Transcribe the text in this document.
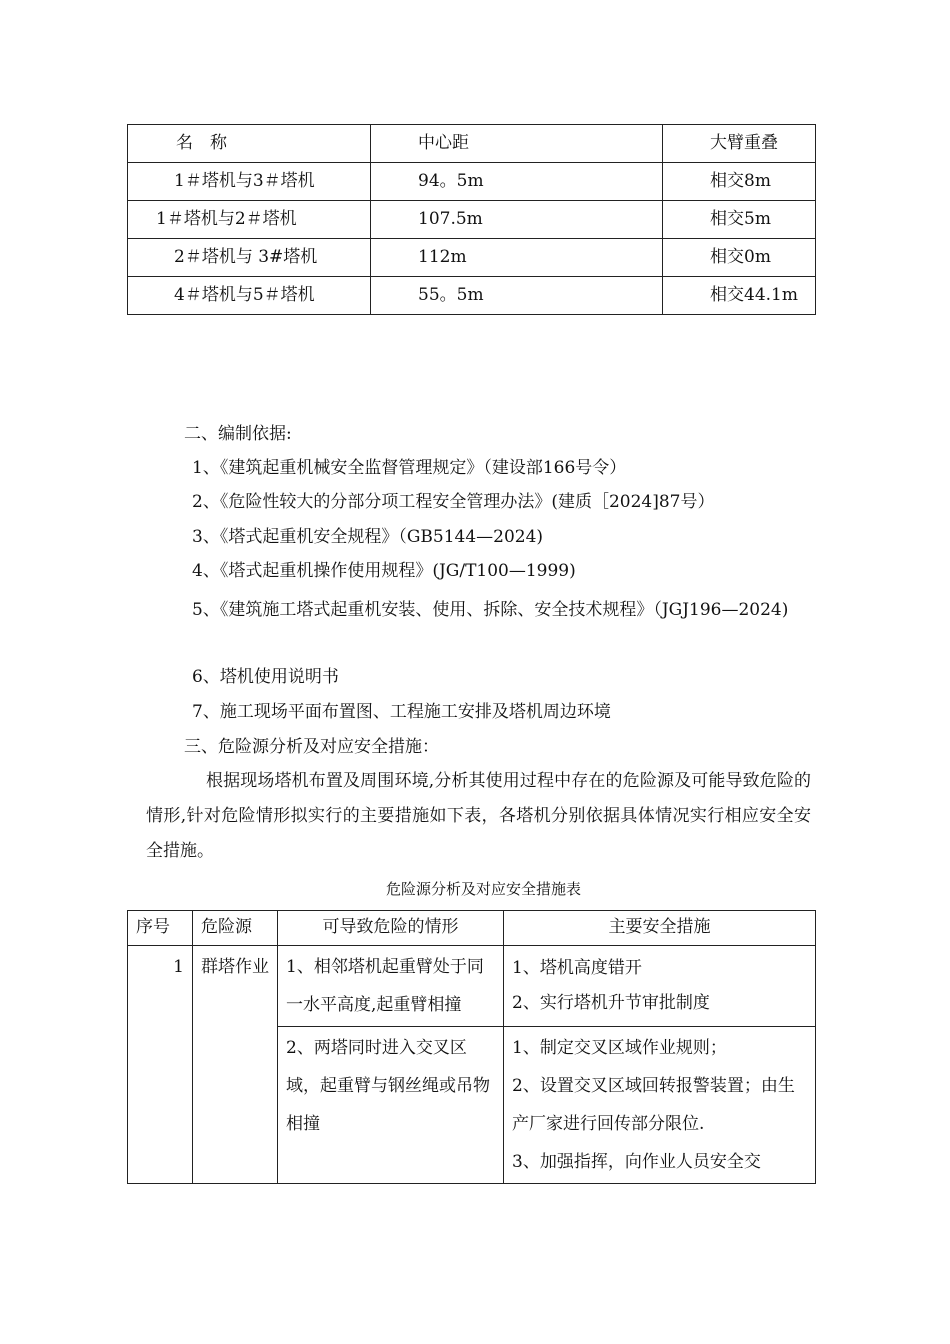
名　称	中心距	大臂重叠

1＃塔机与3＃塔机	94。5m	相交8m

1＃塔机与2＃塔机	107.5m	相交5m

2＃塔机与 3#塔机	112m	相交0m

4＃塔机与5＃塔机	55。5m	相交44.1m
二、编制依据:
1、《建筑起重机械安全监督管理规定》（建设部166号令）
2、《危险性较大的分部分项工程安全管理办法》(建质［2024]87号）
3、《塔式起重机安全规程》（GB5144—2024)
4、《塔式起重机操作使用规程》(JG/T100—1999)
5、《建筑施工塔式起重机安装、使用、拆除、安全技术规程》（JGJ196—2024)
6、塔机使用说明书
7、施工现场平面布置图、工程施工安排及塔机周边环境
三、危险源分析及对应安全措施：
根据现场塔机布置及周围环境,分析其使用过程中存在的危险源及可能导致危险的情形,针对危险情形拟实行的主要措施如下表，各塔机分别依据具体情况实行相应安全安全措施。
危险源分析及对应安全措施表
序号	危险源	可导致危险的情形	主要安全措施
1	群塔作业	1、相邻塔机起重臂处于同一水平高度,起重臂相撞	1、塔机高度错开
2、实行塔机升节审批制度

		2、两塔同时进入交叉区域，起重臂与钢丝绳或吊物相撞	1、制定交叉区域作业规则；
2、设置交叉区域回转报警装置；由生产厂家进行回传部分限位.
3、加强指挥，向作业人员安全交
